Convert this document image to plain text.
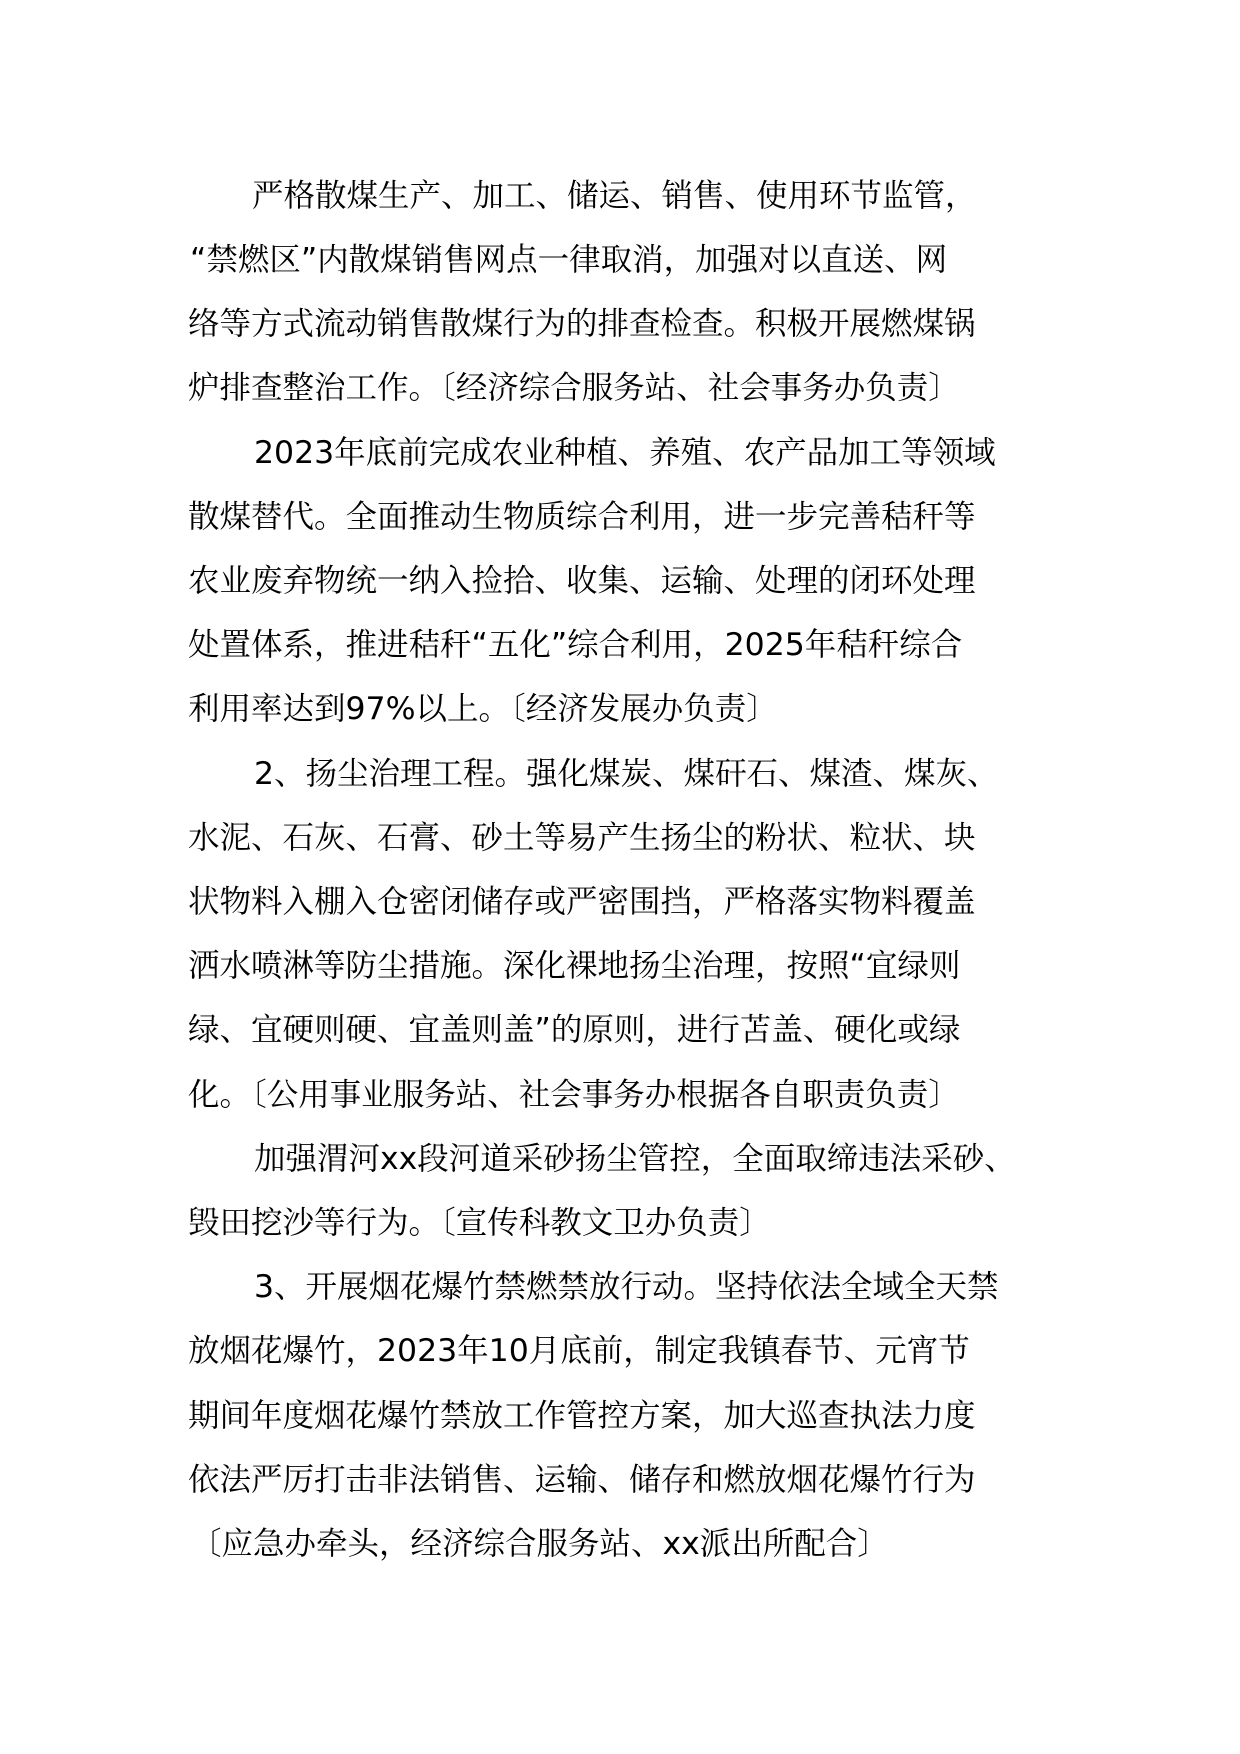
严格散煤生产、加工、储运、销售、使用环节监管，
“禁燃区”内散煤销售网点一律取消，加强对以直送、网
络等方式流动销售散煤行为的排查检查。积极开展燃煤锅
炉排查整治工作。〔经济综合服务站、社会事务办负责〕
2023年底前完成农业种植、养殖、农产品加工等领域
散煤替代。全面推动生物质综合利用，进一步完善秸秆等
农业废弃物统一纳入捡拾、收集、运输、处理的闭环处理
处置体系，推进秸秆“五化”综合利用，2025年秸秆综合
利用率达到97%以上。〔经济发展办负责〕
2、扬尘治理工程。强化煤炭、煤矸石、煤渣、煤灰、
水泥、石灰、石膏、砂土等易产生扬尘的粉状、粒状、块
状物料入棚入仓密闭储存或严密围挡，严格落实物料覆盖
洒水喷淋等防尘措施。深化裸地扬尘治理，按照“宜绿则
绿、宜硬则硬、宜盖则盖”的原则，进行苫盖、硬化或绿
化。〔公用事业服务站、社会事务办根据各自职责负责〕
加强渭河xx段河道采砂扬尘管控，全面取缔违法采砂、
毁田挖沙等行为。〔宣传科教文卫办负责〕
3、开展烟花爆竹禁燃禁放行动。坚持依法全域全天禁
放烟花爆竹，2023年10月底前，制定我镇春节、元宵节
期间年度烟花爆竹禁放工作管控方案，加大巡查执法力度
依法严厉打击非法销售、运输、储存和燃放烟花爆竹行为
〔应急办牵头，经济综合服务站、xx派出所配合〕
